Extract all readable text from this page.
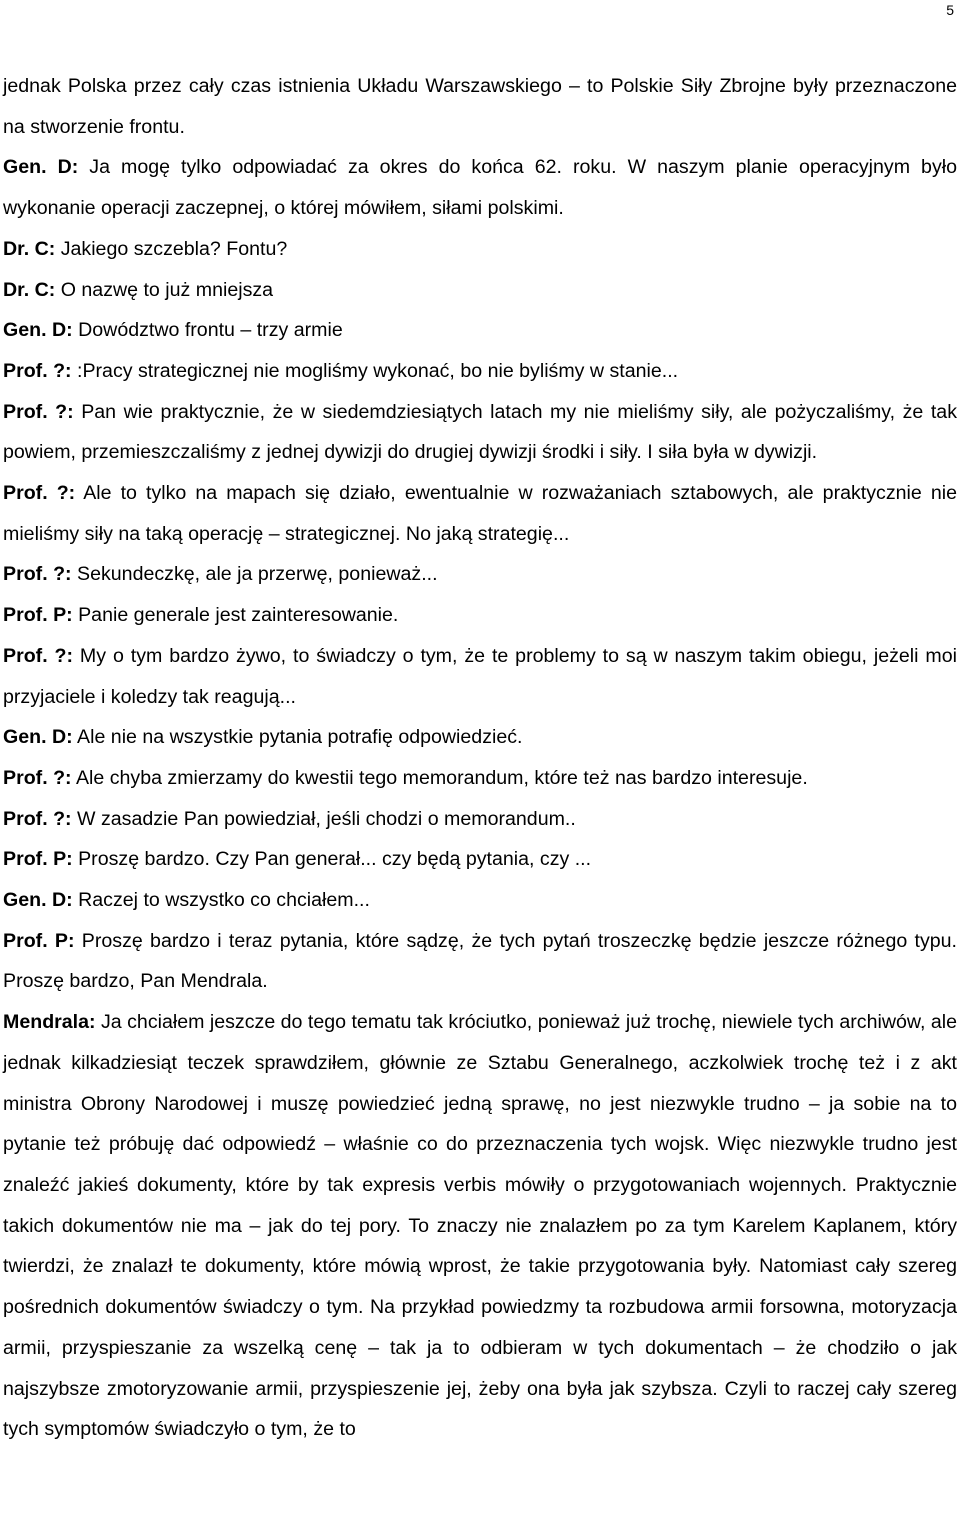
5

jednak Polska przez cały czas istnienia Układu Warszawskiego – to Polskie Siły Zbrojne były przeznaczone na stworzenie frontu.

Gen. D: Ja mogę tylko odpowiadać za okres do końca 62. roku. W naszym planie operacyjnym było wykonanie operacji zaczepnej, o której mówiłem, siłami polskimi.

Dr. C: Jakiego szczebla? Fontu?

Dr. C: O nazwę to już mniejsza

Gen. D: Dowództwo frontu – trzy armie

Prof. ?: :Pracy strategicznej nie mogliśmy wykonać, bo nie byliśmy w stanie...

Prof. ?: Pan wie praktycznie, że w siedemdziesiątych latach my nie mieliśmy siły, ale pożyczaliśmy, że tak powiem, przemieszczaliśmy z jednej dywizji do drugiej dywizji środki i siły. I siła była w dywizji.

Prof. ?: Ale to tylko na mapach się działo, ewentualnie w rozważaniach sztabowych, ale praktycznie nie mieliśmy siły na taką operację – strategicznej. No jaką strategię...

Prof. ?: Sekundeczkę, ale ja przerwę, ponieważ...

Prof. P: Panie generale jest zainteresowanie.

Prof. ?: My o tym bardzo żywo, to świadczy o tym, że te problemy to są w naszym takim obiegu, jeżeli moi przyjaciele i koledzy tak reagują...

Gen. D: Ale nie na wszystkie pytania potrafię odpowiedzieć.

Prof. ?: Ale chyba zmierzamy do kwestii tego memorandum, które też nas bardzo interesuje.

Prof. ?: W zasadzie Pan powiedział, jeśli chodzi o memorandum..

Prof. P: Proszę bardzo. Czy Pan generał... czy będą pytania, czy ...

Gen. D: Raczej to wszystko co chciałem...

Prof. P: Proszę bardzo i teraz pytania, które sądzę, że tych pytań troszeczkę będzie jeszcze różnego typu. Proszę bardzo, Pan Mendrala.

Mendrala: Ja chciałem jeszcze do tego tematu tak króciutko, ponieważ już trochę, niewiele tych archiwów, ale jednak kilkadziesiąt teczek sprawdziłem, głównie ze Sztabu Generalnego, aczkolwiek trochę też i z akt ministra Obrony Narodowej i muszę powiedzieć jedną sprawę, no jest niezwykle trudno – ja sobie na to pytanie też próbuję dać odpowiedź – właśnie co do przeznaczenia tych wojsk. Więc niezwykle trudno jest znaleźć jakieś dokumenty, które by tak expresis verbis mówiły o przygotowaniach wojennych. Praktycznie takich dokumentów nie ma – jak do tej pory. To znaczy nie znalazłem po za tym Karelem Kaplanem, który twierdzi, że znalazł te dokumenty, które mówią wprost, że takie przygotowania były. Natomiast cały szereg pośrednich dokumentów świadczy o tym. Na przykład powiedzmy ta rozbudowa armii forsowna, motoryzacja armii, przyspieszanie za wszelką cenę – tak ja to odbieram w tych dokumentach – że chodziło o jak najszybsze zmotoryzowanie armii, przyspieszenie jej, żeby ona była jak szybsza. Czyli to raczej cały szereg tych symptomów świadczyło o tym, że to
